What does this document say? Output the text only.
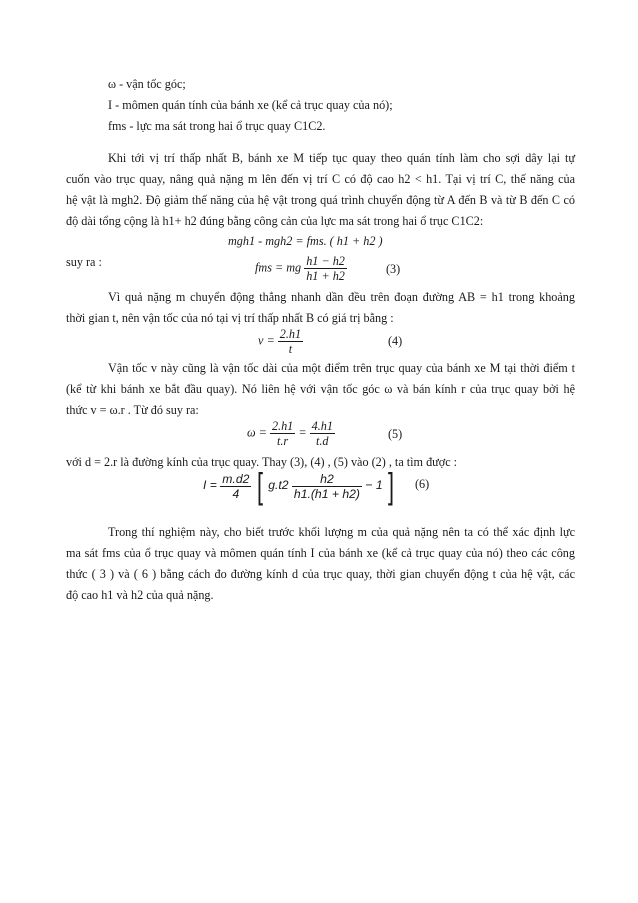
ω - vận tốc góc;
I - mômen quán tính của bánh xe (kể cả trục quay của nó);
fms - lực ma sát trong hai ổ trục quay C1C2.
Khi tới vị trí thấp nhất B, bánh xe M tiếp tục quay theo quán tính làm cho sợi dây lại tự
cuốn vào trục quay, nâng quả nặng m lên đến vị trí C có độ cao h2 < h1. Tại vị trí C, thế năng của
hệ vật là mgh2. Độ giảm thế năng của hệ vật trong quá trình chuyển động từ A đến B và từ B đến C có
độ dài tổng cộng là h1+ h2 đúng bằng công cản của lực ma sát trong hai ổ trục C1C2:
mgh1 - mgh2 = fms. ( h1 + h2 )
suy ra :	fms = mg $\frac{h1 - h2}{h1 + h2}$	(3)
Vì quả nặng m chuyển động thẳng nhanh dần đều trên đoạn đường AB = h1 trong khoảng
thời gian t, nên vận tốc của nó tại vị trí thấp nhất B có giá trị bằng :
$v = \frac{2.h1}{t}$	(4)
Vận tốc v này cũng là vận tốc dài của một điểm trên trục quay của bánh xe M tại thời điểm t
(kể từ khi bánh xe bắt đầu quay). Nó liên hệ với vận tốc góc ω và bán kính r của trục quay bởi hệ
thức v = ω.r . Từ đó suy ra:
$\omega = \frac{2.h1}{t.r} = \frac{4.h1}{t.d}$	(5)
với d = 2.r là đường kính của trục quay. Thay (3), (4) , (5) vào (2) , ta tìm được :
$I = \frac{m.d2}{4}$ [ $g.t2 \frac{h2}{h1.(h1 + h2)} - 1$ ] (6)
Trong thí nghiệm này, cho biết trước khối lượng m của quả nặng nên ta có thể xác định lực
ma sát fms của ổ trục quay và mômen quán tính I của bánh xe (kể cả trục quay của nó) theo các công
thức ( 3 ) và ( 6 ) bằng cách đo đường kính d của trục quay, thời gian chuyển động t của hệ vật, các
độ cao h1 và h2 của quả nặng.
